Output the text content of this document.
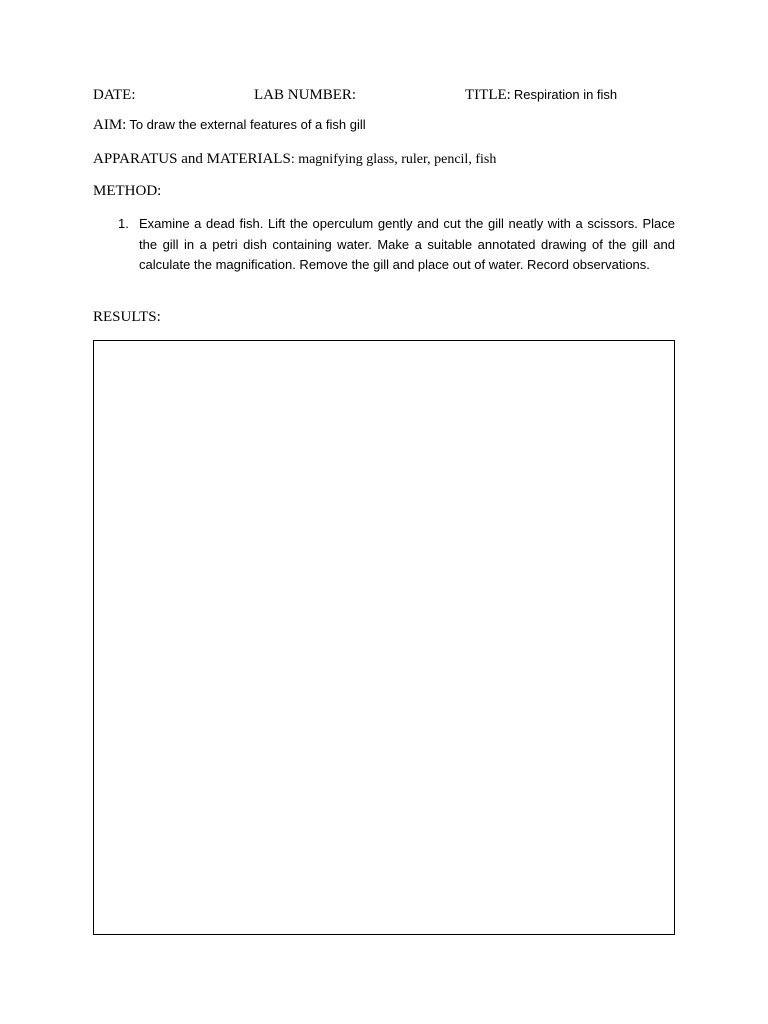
DATE:	LAB NUMBER:	TITLE: Respiration in fish
AIM: To draw the external features of a fish gill
APPARATUS and MATERIALS: magnifying glass, ruler, pencil, fish
METHOD:
1. Examine a dead fish. Lift the operculum gently and cut the gill neatly with a scissors. Place the gill in a petri dish containing water. Make a suitable annotated drawing of the gill and calculate the magnification. Remove the gill and place out of water. Record observations.
RESULTS:
